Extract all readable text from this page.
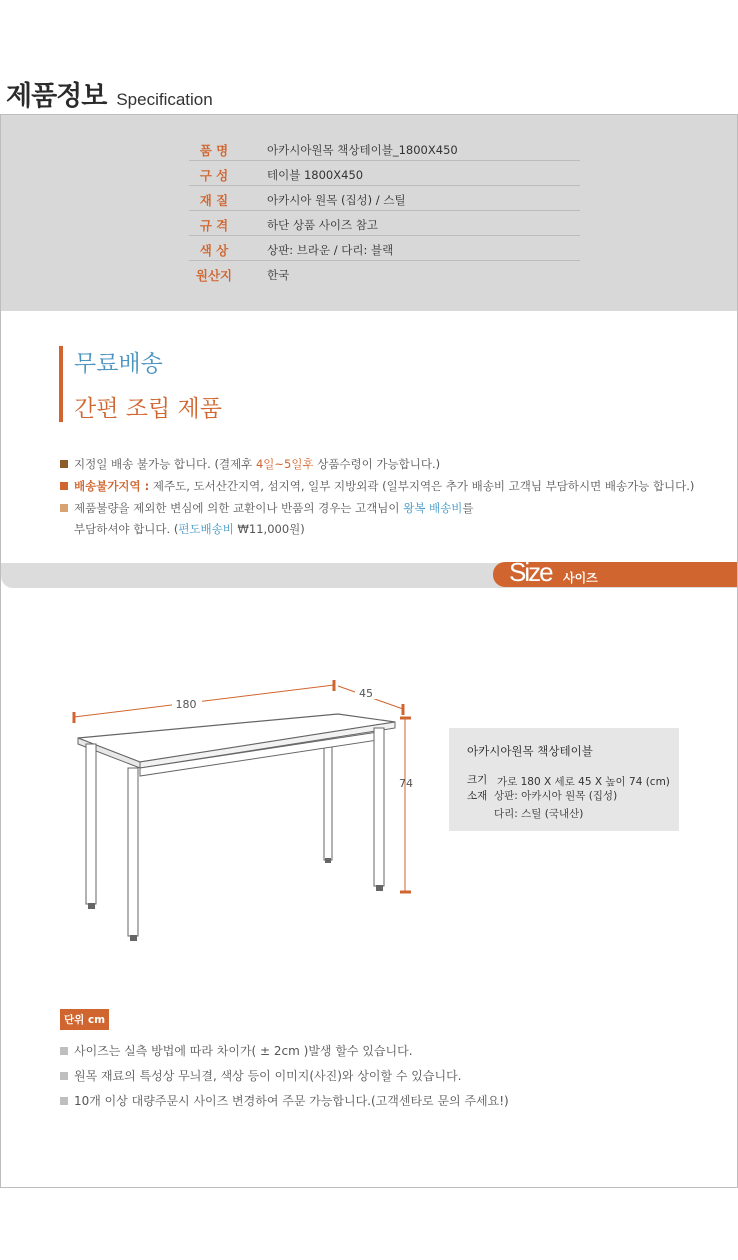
제품정보 Specification
품 명	아카시아원목 책상테이블_1800X450
구 성	테이블 1800X450
재 질	아카시아 원목 (집성) / 스틸
규 격	하단 상품 사이즈 참고
색 상	상판: 브라운 / 다리: 블랙
원산지	한국
무료배송
간편 조립 제품
지정일 배송 불가능 합니다. (결제후 4일~5일후 상품수령이 가능합니다.)
배송불가지역 : 제주도, 도서산간지역, 섬지역, 일부 지방외곽 (일부지역은 추가 배송비 고객님 부담하시면 배송가능 합니다.)
제품불량을 제외한 변심에 의한 교환이나 반품의 경우는 고객님이 왕복 배송비를
부담하셔야 합니다. (편도배송비 ₩11,000원)
Size 사이즈
180
45
74
아카시아원목 책상테이블
크기 가로 180 X 세로 45 X 높이 74 (cm)
소재 상판: 아카시아 원목 (집성)
다리: 스틸 (국내산)
단위 cm
사이즈는 실측 방법에 따라 차이가( ± 2cm )발생 할수 있습니다.
원목 재료의 특성상 무늬결, 색상 등이 이미지(사진)와 상이할 수 있습니다.
10개 이상 대량주문시 사이즈 변경하여 주문 가능합니다.(고객센타로 문의 주세요!)
